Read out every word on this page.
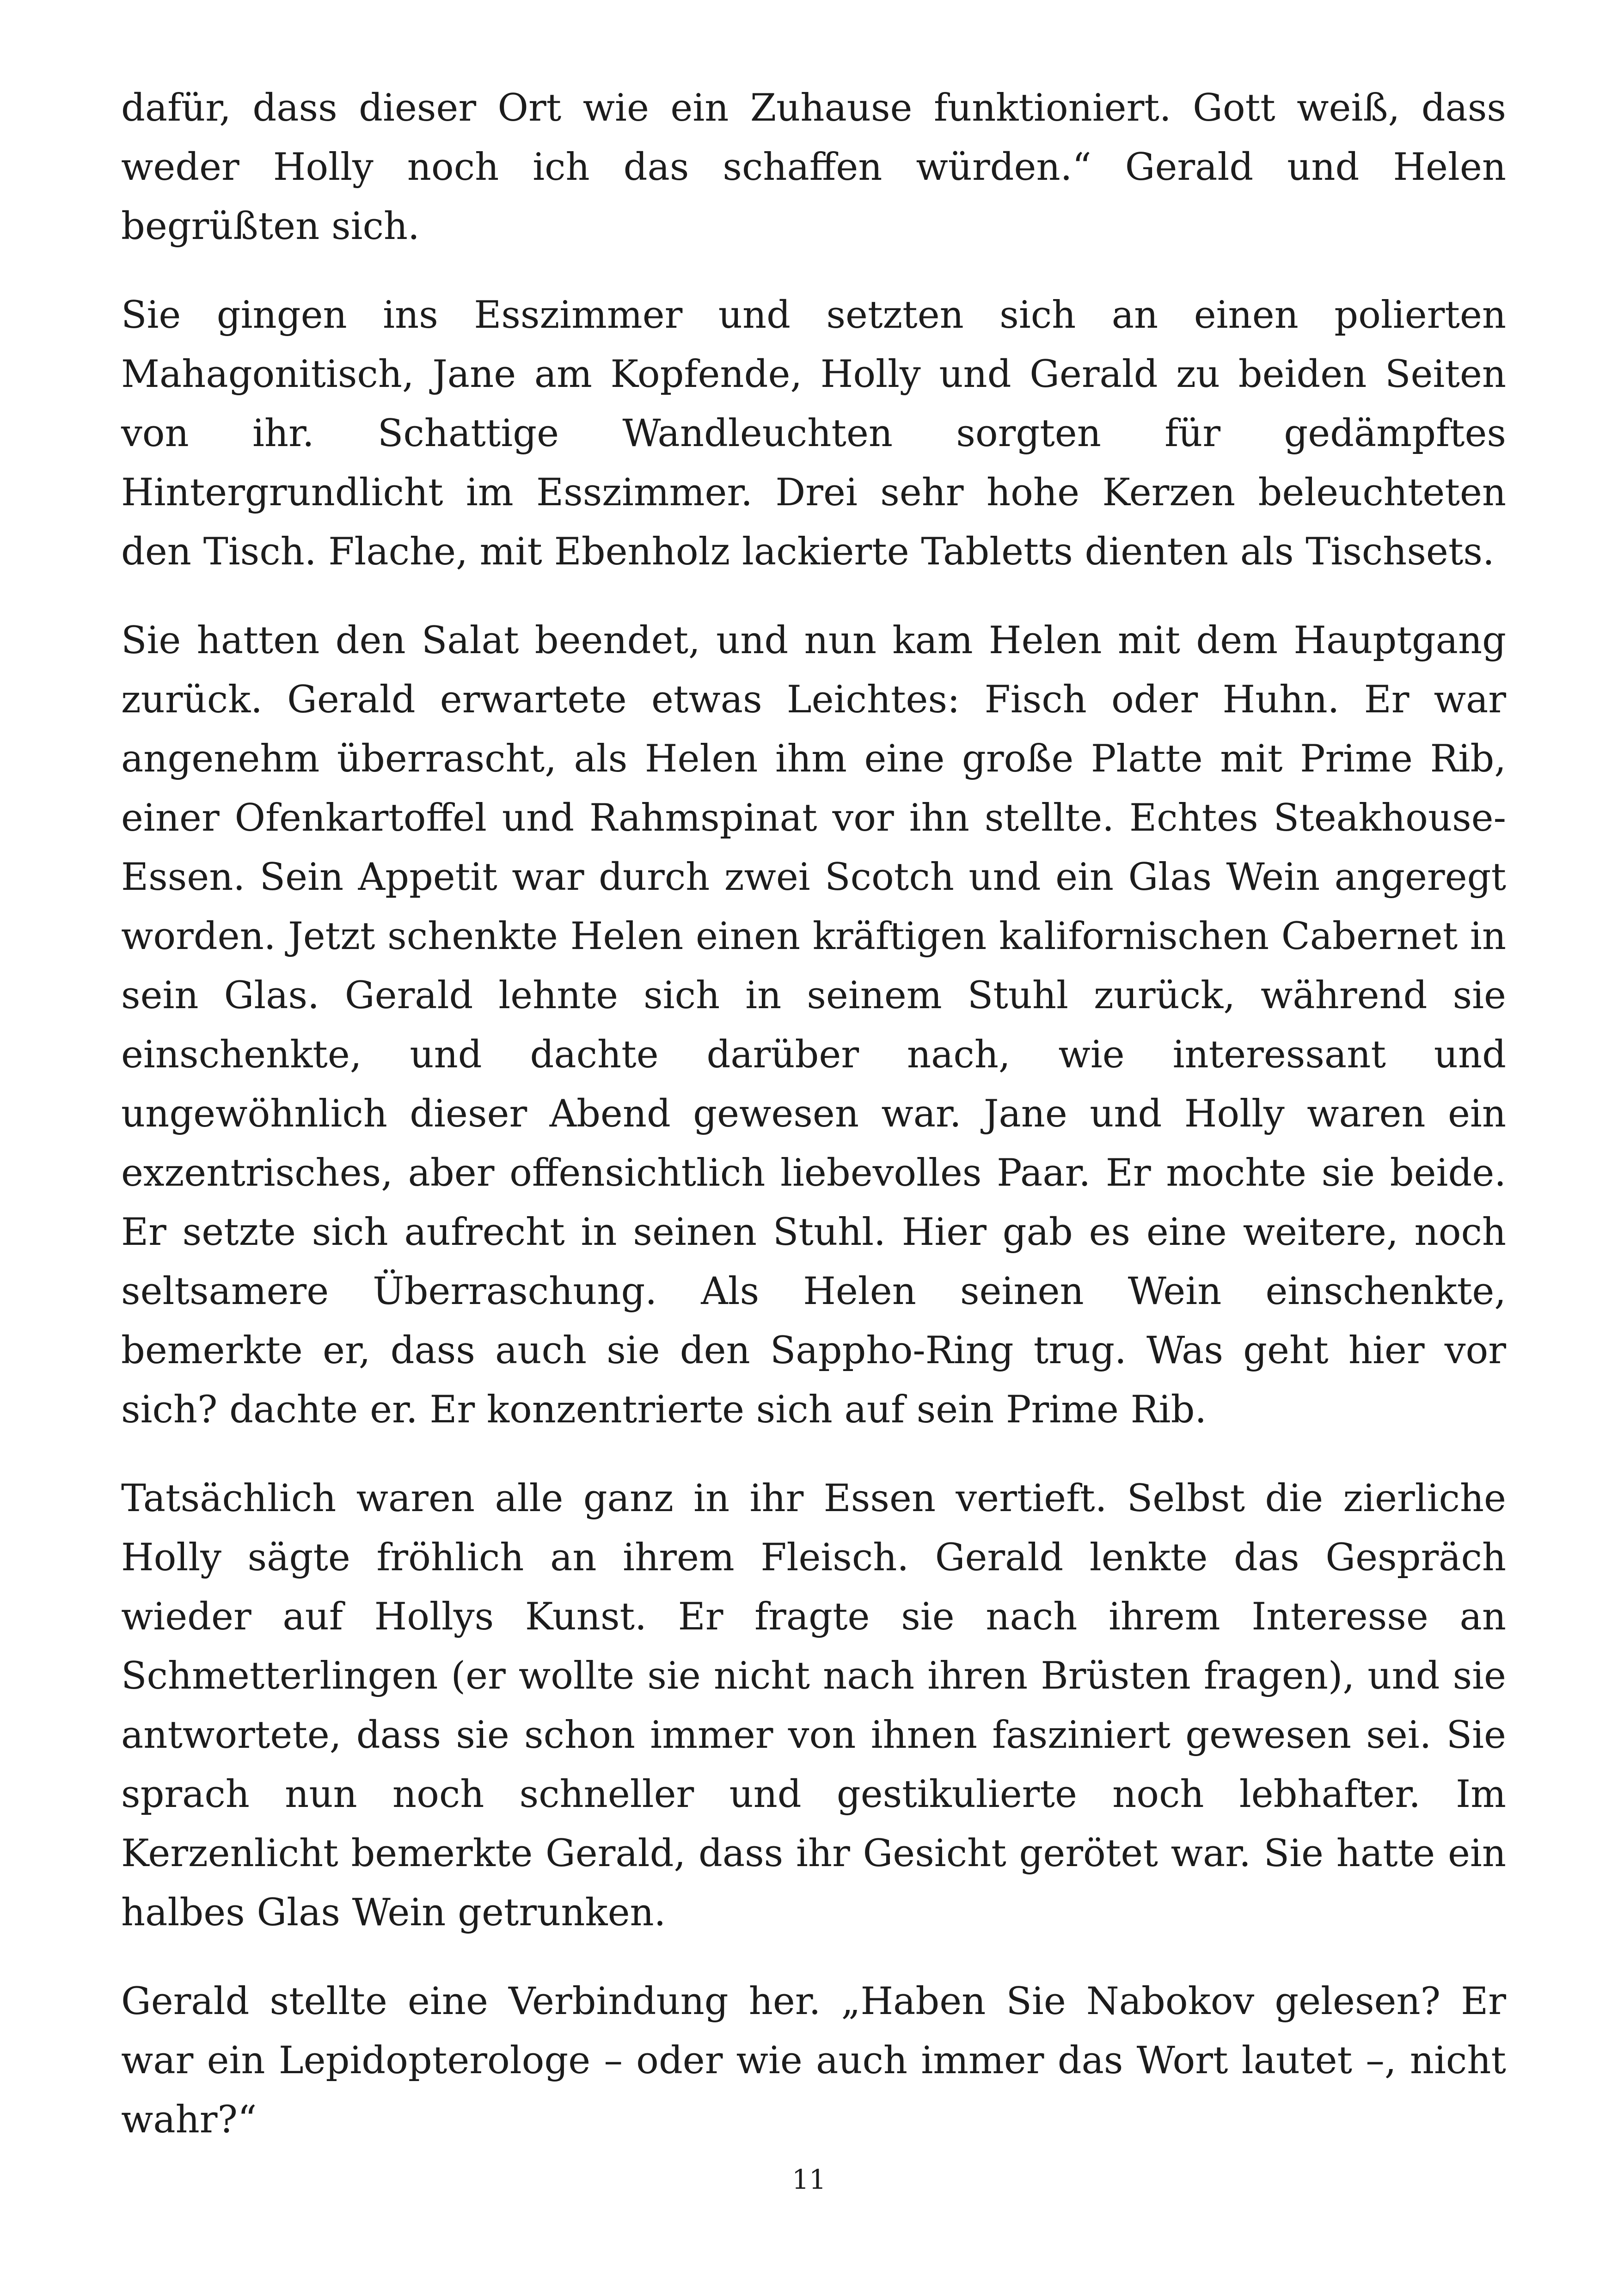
dafür, dass dieser Ort wie ein Zuhause funktioniert. Gott weiß, dass weder Holly noch ich das schaffen würden.“ Gerald und Helen begrüßten sich.

Sie gingen ins Esszimmer und setzten sich an einen polierten Mahagonitisch, Jane am Kopfende, Holly und Gerald zu beiden Seiten von ihr. Schattige Wandleuchten sorgten für gedämpftes Hintergrundlicht im Esszimmer. Drei sehr hohe Kerzen beleuchteten den Tisch. Flache, mit Ebenholz lackierte Tabletts dienten als Tischsets.

Sie hatten den Salat beendet, und nun kam Helen mit dem Hauptgang zurück. Gerald erwartete etwas Leichtes: Fisch oder Huhn. Er war angenehm überrascht, als Helen ihm eine große Platte mit Prime Rib, einer Ofenkartoffel und Rahmspinat vor ihn stellte. Echtes Steakhouse-Essen. Sein Appetit war durch zwei Scotch und ein Glas Wein angeregt worden. Jetzt schenkte Helen einen kräftigen kalifornischen Cabernet in sein Glas. Gerald lehnte sich in seinem Stuhl zurück, während sie einschenkte, und dachte darüber nach, wie interessant und ungewöhnlich dieser Abend gewesen war. Jane und Holly waren ein exzentrisches, aber offensichtlich liebevolles Paar. Er mochte sie beide. Er setzte sich aufrecht in seinen Stuhl. Hier gab es eine weitere, noch seltsamere Überraschung. Als Helen seinen Wein einschenkte, bemerkte er, dass auch sie den Sappho-Ring trug. Was geht hier vor sich? dachte er. Er konzentrierte sich auf sein Prime Rib.

Tatsächlich waren alle ganz in ihr Essen vertieft. Selbst die zierliche Holly sägte fröhlich an ihrem Fleisch. Gerald lenkte das Gespräch wieder auf Hollys Kunst. Er fragte sie nach ihrem Interesse an Schmetterlingen (er wollte sie nicht nach ihren Brüsten fragen), und sie antwortete, dass sie schon immer von ihnen fasziniert gewesen sei. Sie sprach nun noch schneller und gestikulierte noch lebhafter. Im Kerzenlicht bemerkte Gerald, dass ihr Gesicht gerötet war. Sie hatte ein halbes Glas Wein getrunken.

Gerald stellte eine Verbindung her. „Haben Sie Nabokov gelesen? Er war ein Lepidopterologe – oder wie auch immer das Wort lautet –, nicht wahr?“

11
